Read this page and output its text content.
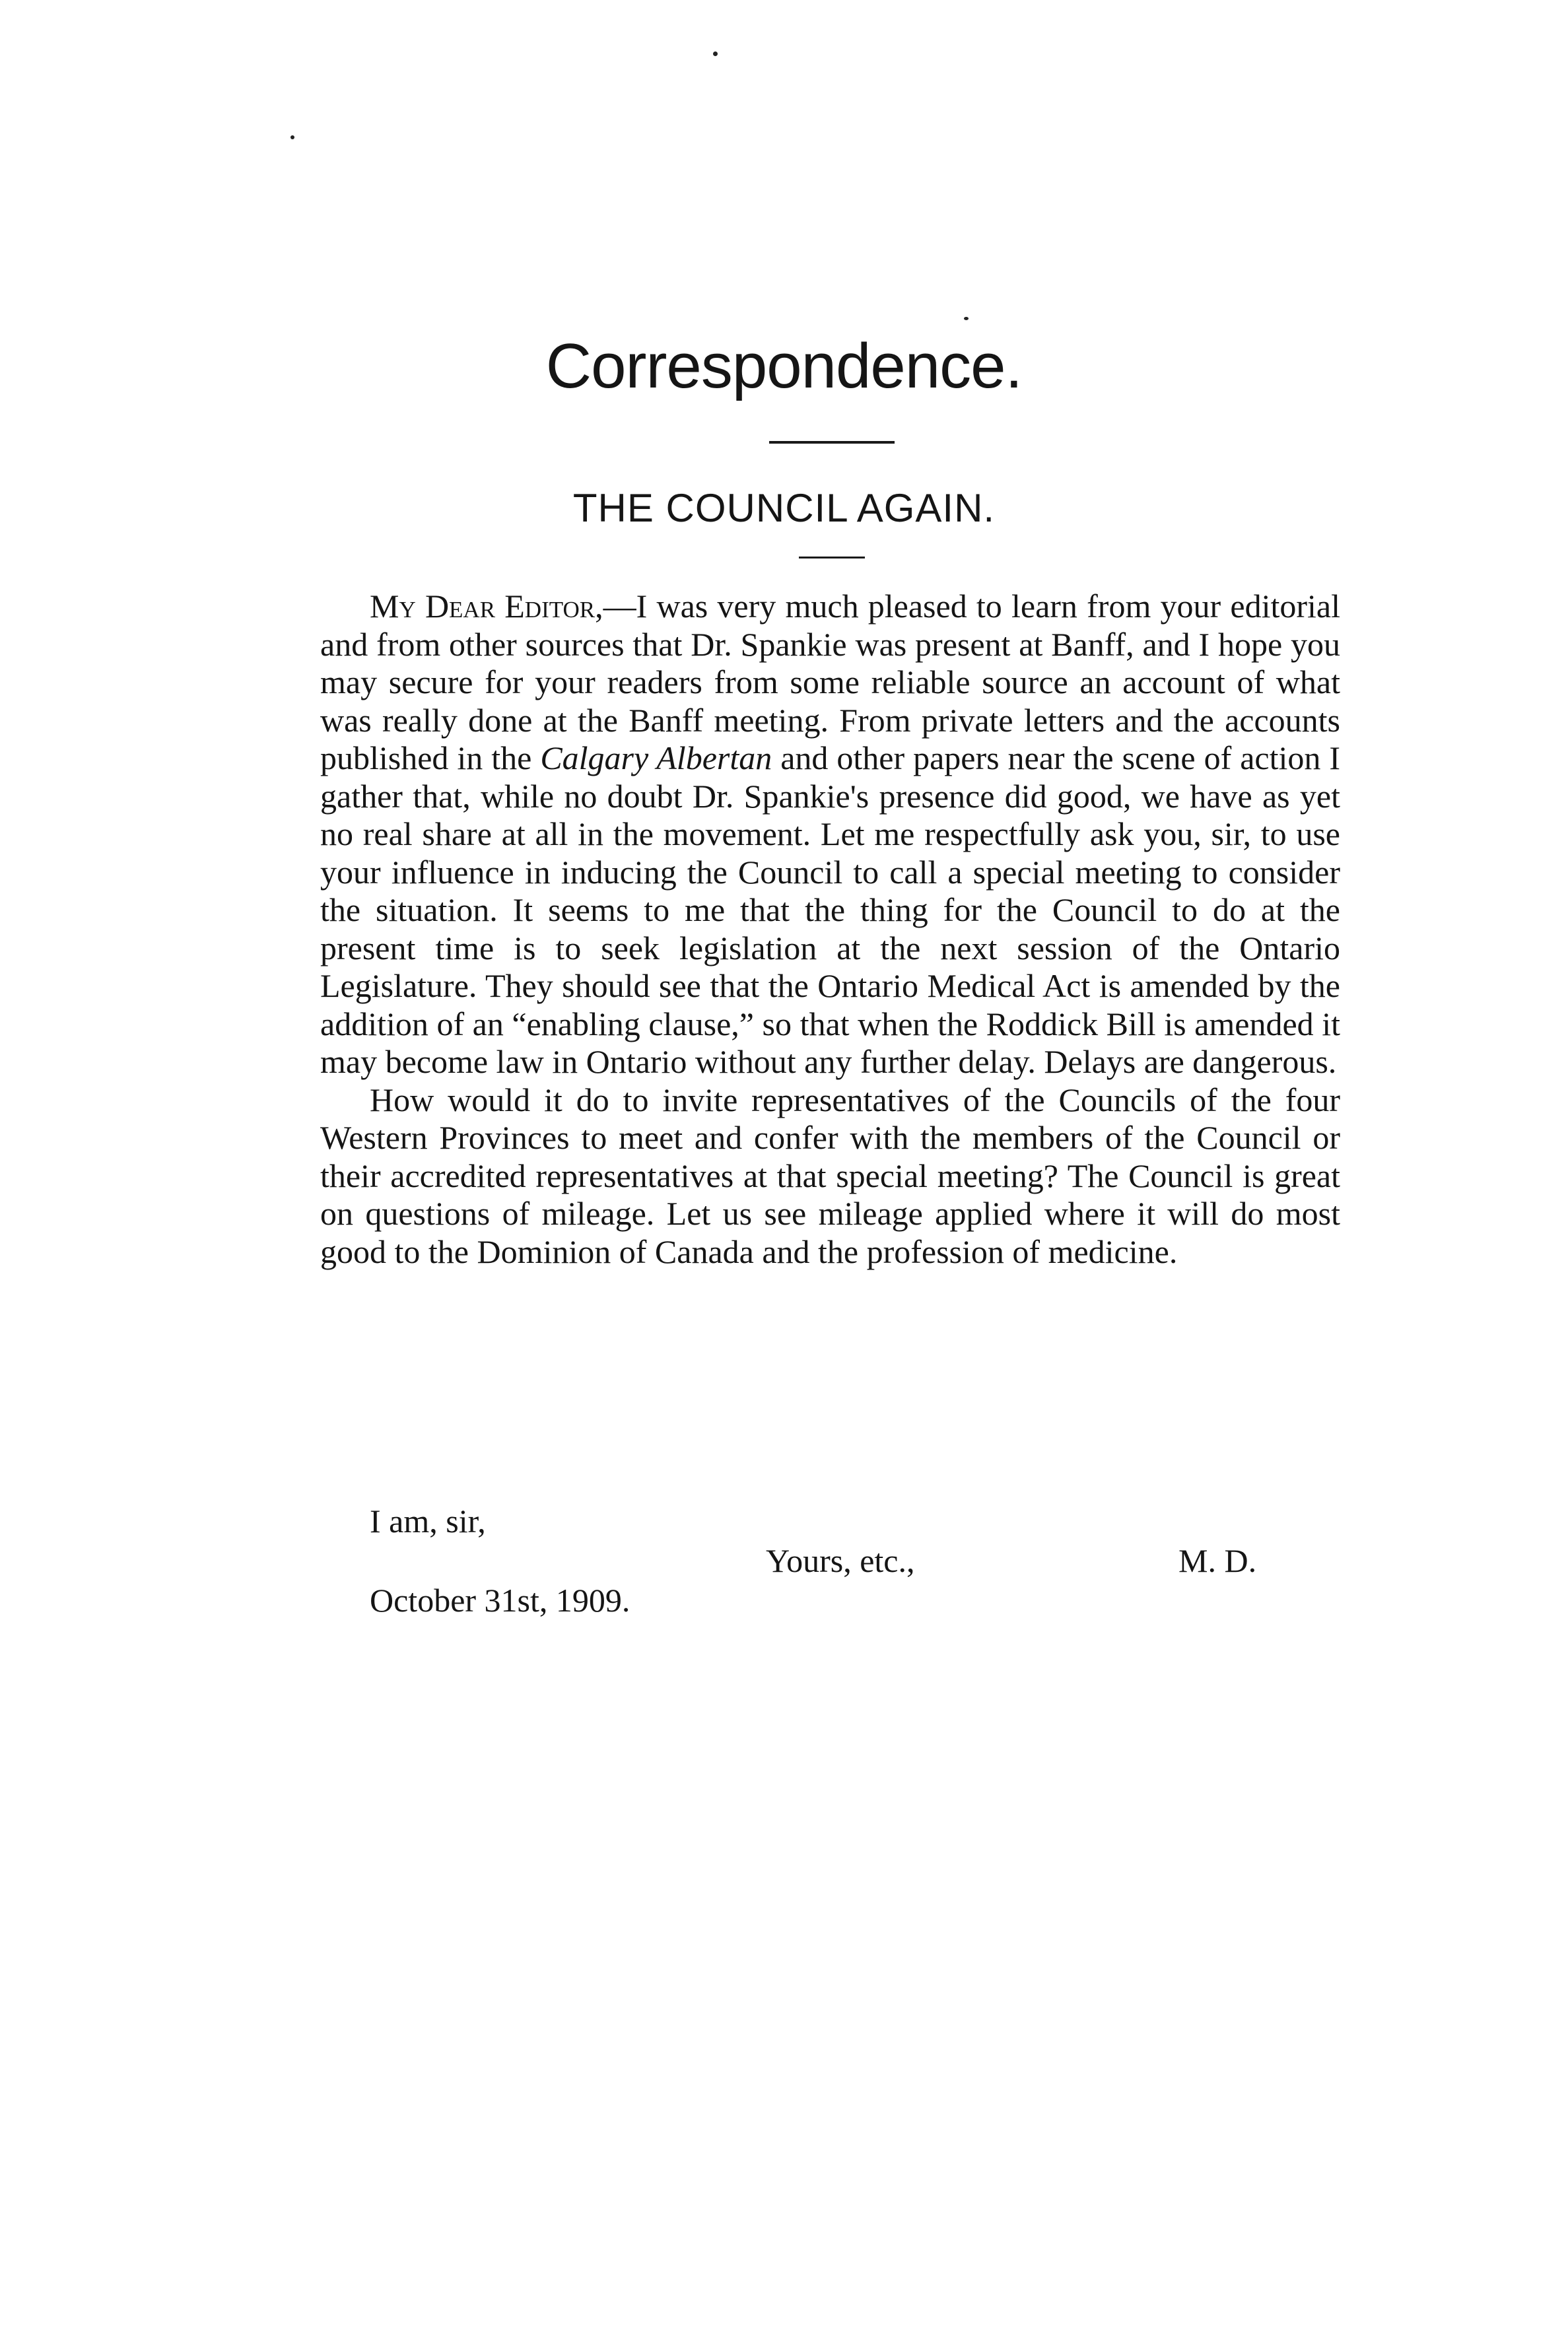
Correspondence.
THE COUNCIL AGAIN.

My Dear Editor,—I was very much pleased to learn from your editorial and from other sources that Dr. Spankie was present at Banff, and I hope you may secure for your readers from some reliable source an account of what was really done at the Banff meeting. From private letters and the accounts published in the Calgary Albertan and other papers near the scene of action I gather that, while no doubt Dr. Spankie's presence did good, we have as yet no real share at all in the movement. Let me respectfully ask you, sir, to use your influence in inducing the Council to call a special meeting to consider the situation. It seems to me that the thing for the Council to do at the present time is to seek legislation at the next session of the Ontario Legislature. They should see that the Ontario Medical Act is amended by the addition of an “enabling clause,” so that when the Roddick Bill is amended it may become law in Ontario without any further delay. Delays are dangerous.

How would it do to invite representatives of the Councils of the four Western Provinces to meet and confer with the members of the Council or their accredited representatives at that special meeting? The Council is great on questions of mileage. Let us see mileage applied where it will do most good to the Dominion of Canada and the profession of medicine.

I am, sir,

Yours, etc.,	M. D.

October 31st, 1909.
